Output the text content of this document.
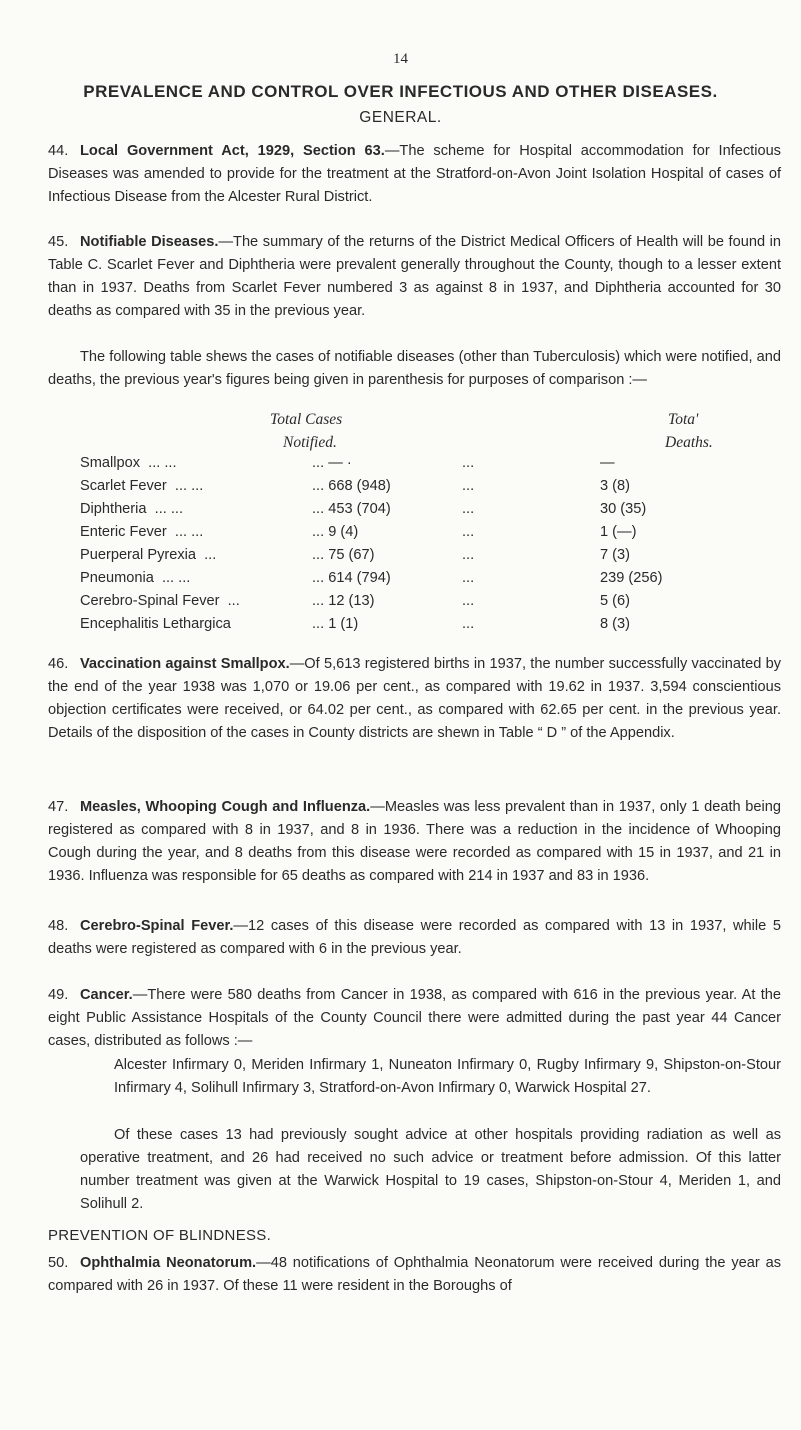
14
PREVALENCE AND CONTROL OVER INFECTIOUS AND OTHER DISEASES.
GENERAL.
44. Local Government Act, 1929, Section 63.—The scheme for Hospital accommodation for Infectious Diseases was amended to provide for the treatment at the Stratford-on-Avon Joint Isolation Hospital of cases of Infectious Disease from the Alcester Rural District.
45. Notifiable Diseases.—The summary of the returns of the District Medical Officers of Health will be found in Table C. Scarlet Fever and Diphtheria were prevalent generally throughout the County, though to a lesser extent than in 1937. Deaths from Scarlet Fever numbered 3 as against 8 in 1937, and Diphtheria accounted for 30 deaths as compared with 35 in the previous year.
The following table shews the cases of notifiable diseases (other than Tuberculosis) which were notified, and deaths, the previous year's figures being given in parenthesis for purposes of comparison :—
Total Cases
Notified.
Tota'
Deaths.
Smallpox  ... ...	... — ·	...	—
Scarlet Fever  ... ...	... 668 (948)	...	3 (8)
Diphtheria  ... ...	... 453 (704)	...	30 (35)
Enteric Fever  ... ...	... 9 (4)	...	1 (—)
Puerperal Pyrexia  ...	... 75 (67)	...	7 (3)
Pneumonia  ... ...	... 614 (794)	...	239 (256)
Cerebro-Spinal Fever  ...	... 12 (13)	...	5 (6)
Encephalitis Lethargica	... 1 (1)	...	8 (3)
46. Vaccination against Smallpox.—Of 5,613 registered births in 1937, the number successfully vaccinated by the end of the year 1938 was 1,070 or 19.06 per cent., as compared with 19.62 in 1937. 3,594 conscientious objection certificates were received, or 64.02 per cent., as compared with 62.65 per cent. in the previous year. Details of the disposition of the cases in County districts are shewn in Table “ D ” of the Appendix.
47. Measles, Whooping Cough and Influenza.—Measles was less prevalent than in 1937, only 1 death being registered as compared with 8 in 1937, and 8 in 1936. There was a reduction in the incidence of Whooping Cough during the year, and 8 deaths from this disease were recorded as compared with 15 in 1937, and 21 in 1936. Influenza was responsible for 65 deaths as compared with 214 in 1937 and 83 in 1936.
48. Cerebro-Spinal Fever.—12 cases of this disease were recorded as compared with 13 in 1937, while 5 deaths were registered as compared with 6 in the previous year.
49. Cancer.—There were 580 deaths from Cancer in 1938, as compared with 616 in the previous year. At the eight Public Assistance Hospitals of the County Council there were admitted during the past year 44 Cancer cases, distributed as follows :—
Alcester Infirmary 0, Meriden Infirmary 1, Nuneaton Infirmary 0, Rugby Infirmary 9, Shipston-on-Stour Infirmary 4, Solihull Infirmary 3, Stratford-on-Avon Infirmary 0, Warwick Hospital 27.
Of these cases 13 had previously sought advice at other hospitals providing radiation as well as operative treatment, and 26 had received no such advice or treatment before admission. Of this latter number treatment was given at the Warwick Hospital to 19 cases, Shipston-on-Stour 4, Meriden 1, and Solihull 2.
PREVENTION OF BLINDNESS.
50. Ophthalmia Neonatorum.—48 notifications of Ophthalmia Neonatorum were received during the year as compared with 26 in 1937. Of these 11 were resident in the Boroughs of
